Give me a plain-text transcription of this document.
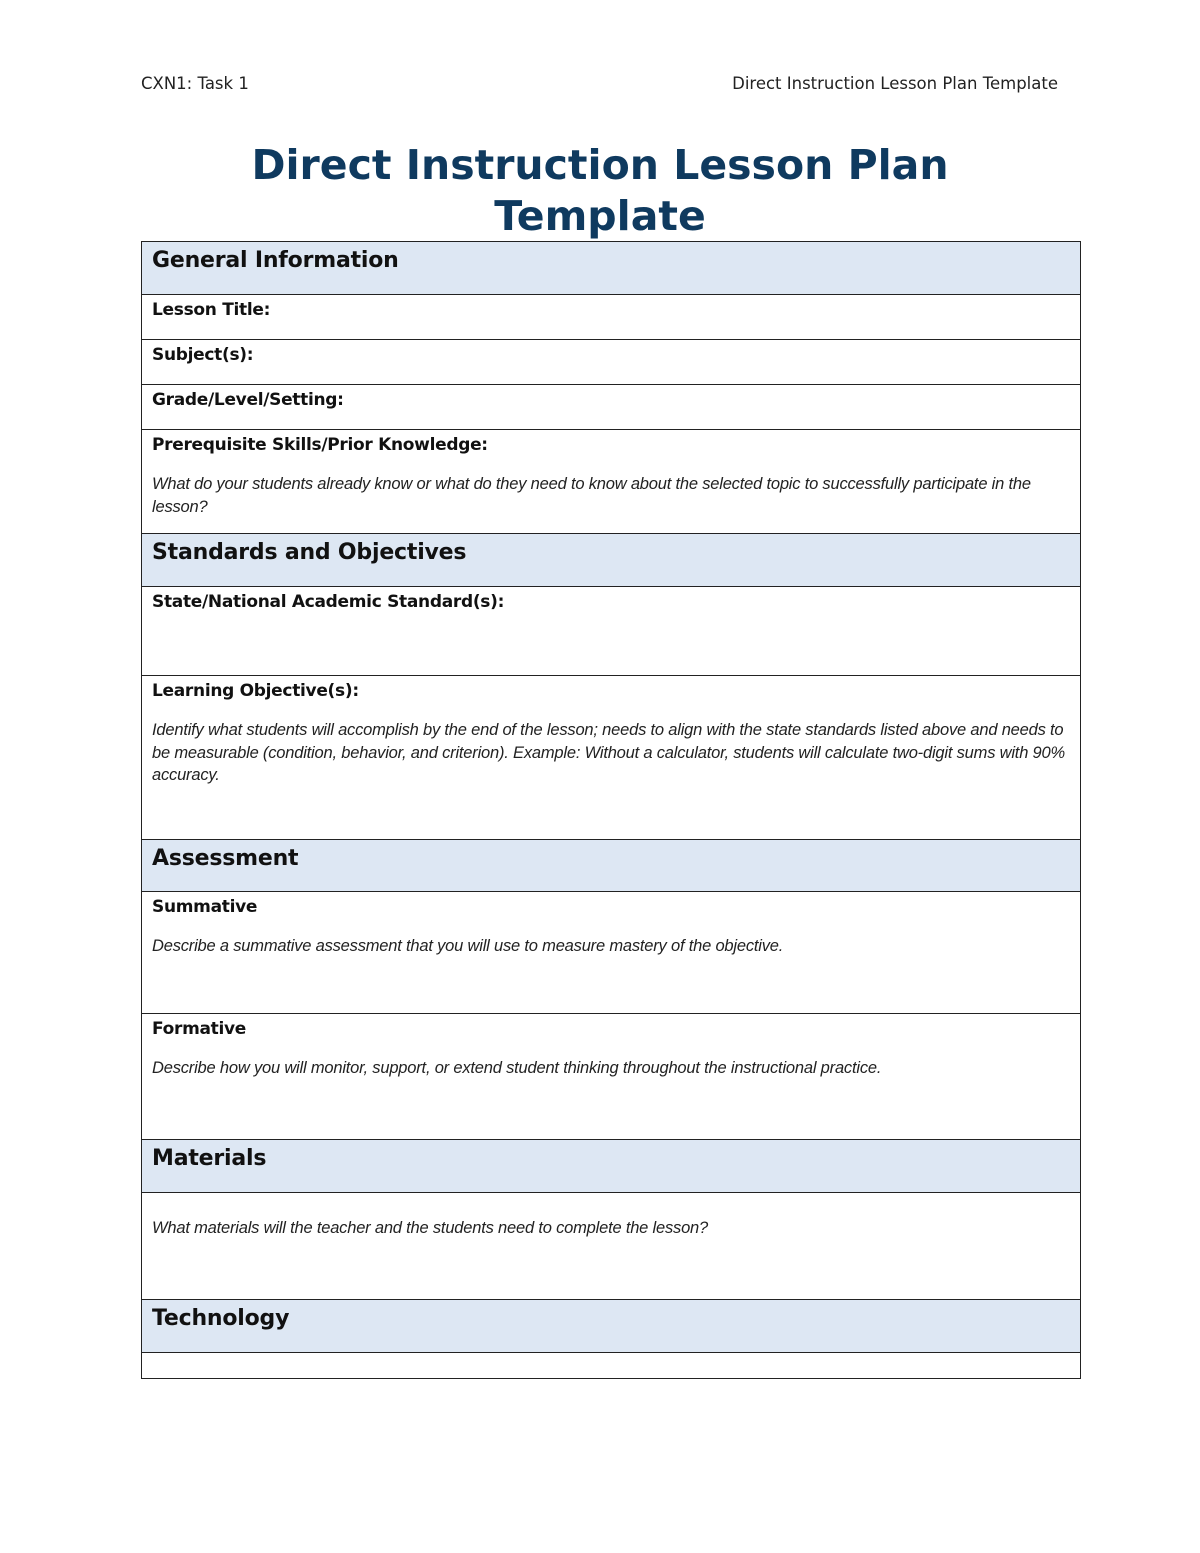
CXN1: Task 1	Direct Instruction Lesson Plan Template
Direct Instruction Lesson Plan Template
General Information

Lesson Title:

Subject(s):

Grade/Level/Setting:

Prerequisite Skills/Prior Knowledge:
What do your students already know or what do they need to know about the selected topic to successfully participate in the lesson?

Standards and Objectives

State/National Academic Standard(s):

Learning Objective(s):
Identify what students will accomplish by the end of the lesson; needs to align with the state standards listed above and needs to be measurable (condition, behavior, and criterion). Example: Without a calculator, students will calculate two-digit sums with 90% accuracy.

Assessment

Summative
Describe a summative assessment that you will use to measure mastery of the objective.

Formative
Describe how you will monitor, support, or extend student thinking throughout the instructional practice.

Materials

What materials will the teacher and the students need to complete the lesson?

Technology
